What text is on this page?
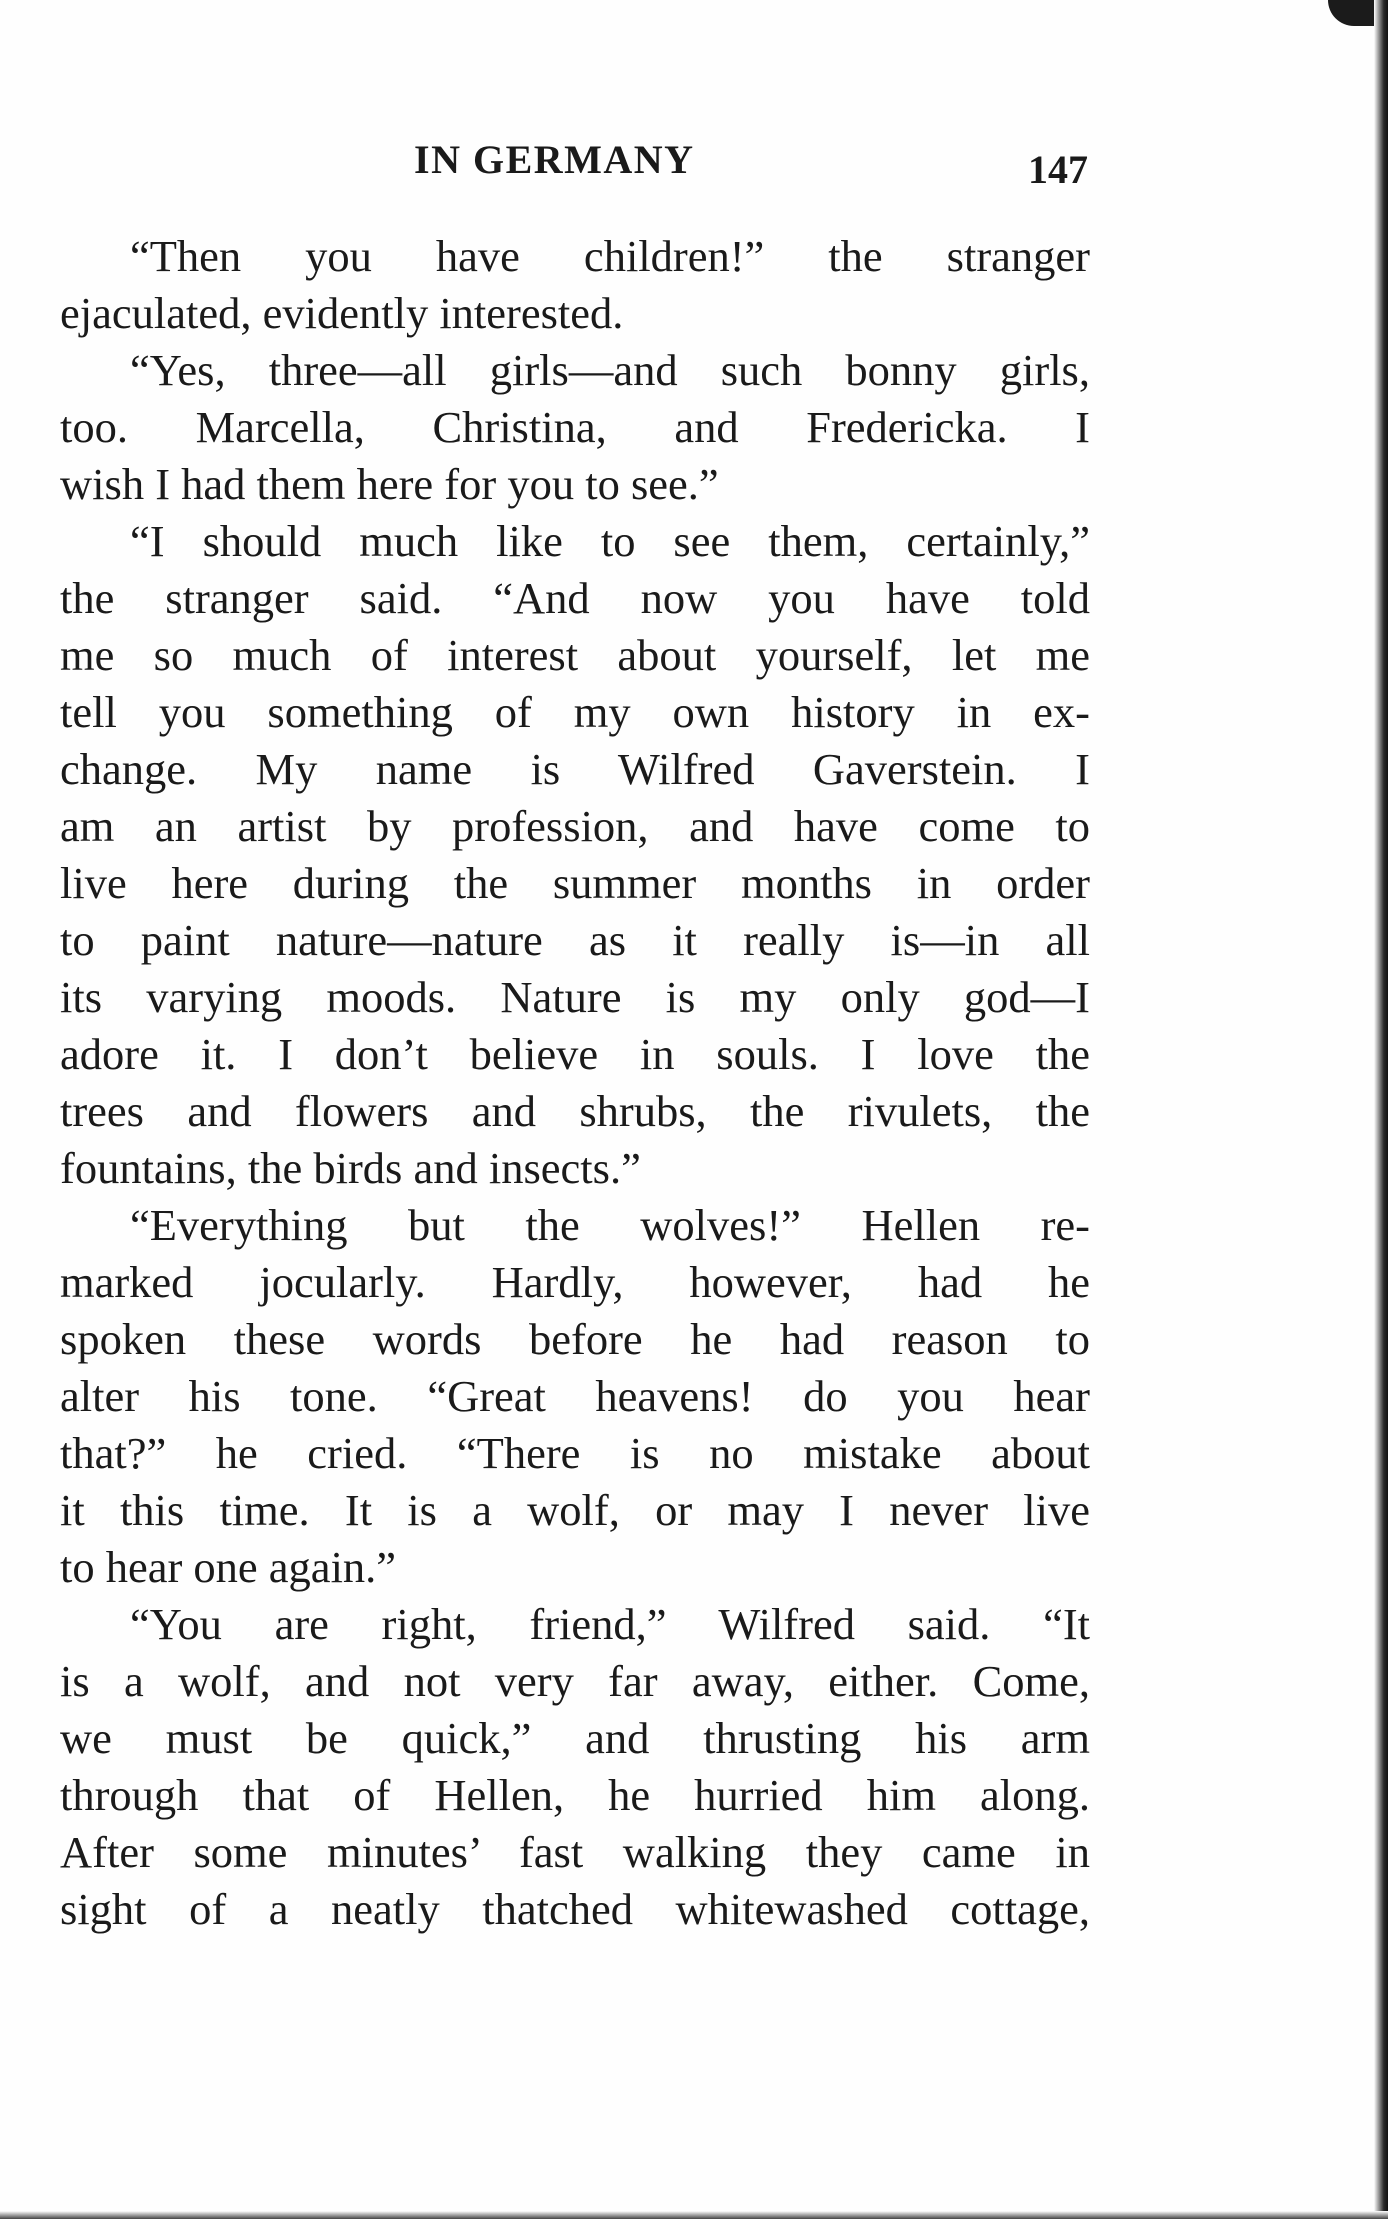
IN GERMANY	147
“Then you have children!” the stranger
ejaculated, evidently interested.
“Yes, three—all girls—and such bonny girls,
too. Marcella, Christina, and Fredericka. I
wish I had them here for you to see.”
“I should much like to see them, certainly,”
the stranger said. “And now you have told
me so much of interest about yourself, let me
tell you something of my own history in ex-
change. My name is Wilfred Gaverstein. I
am an artist by profession, and have come to
live here during the summer months in order
to paint nature—nature as it really is—in all
its varying moods. Nature is my only god—I
adore it. I don’t believe in souls. I love the
trees and flowers and shrubs, the rivulets, the
fountains, the birds and insects.”
“Everything but the wolves!” Hellen re-
marked jocularly. Hardly, however, had he
spoken these words before he had reason to
alter his tone. “Great heavens! do you hear
that?” he cried. “There is no mistake about
it this time. It is a wolf, or may I never live
to hear one again.”
“You are right, friend,” Wilfred said. “It
is a wolf, and not very far away, either. Come,
we must be quick,” and thrusting his arm
through that of Hellen, he hurried him along.
After some minutes’ fast walking they came in
sight of a neatly thatched whitewashed cottage,
